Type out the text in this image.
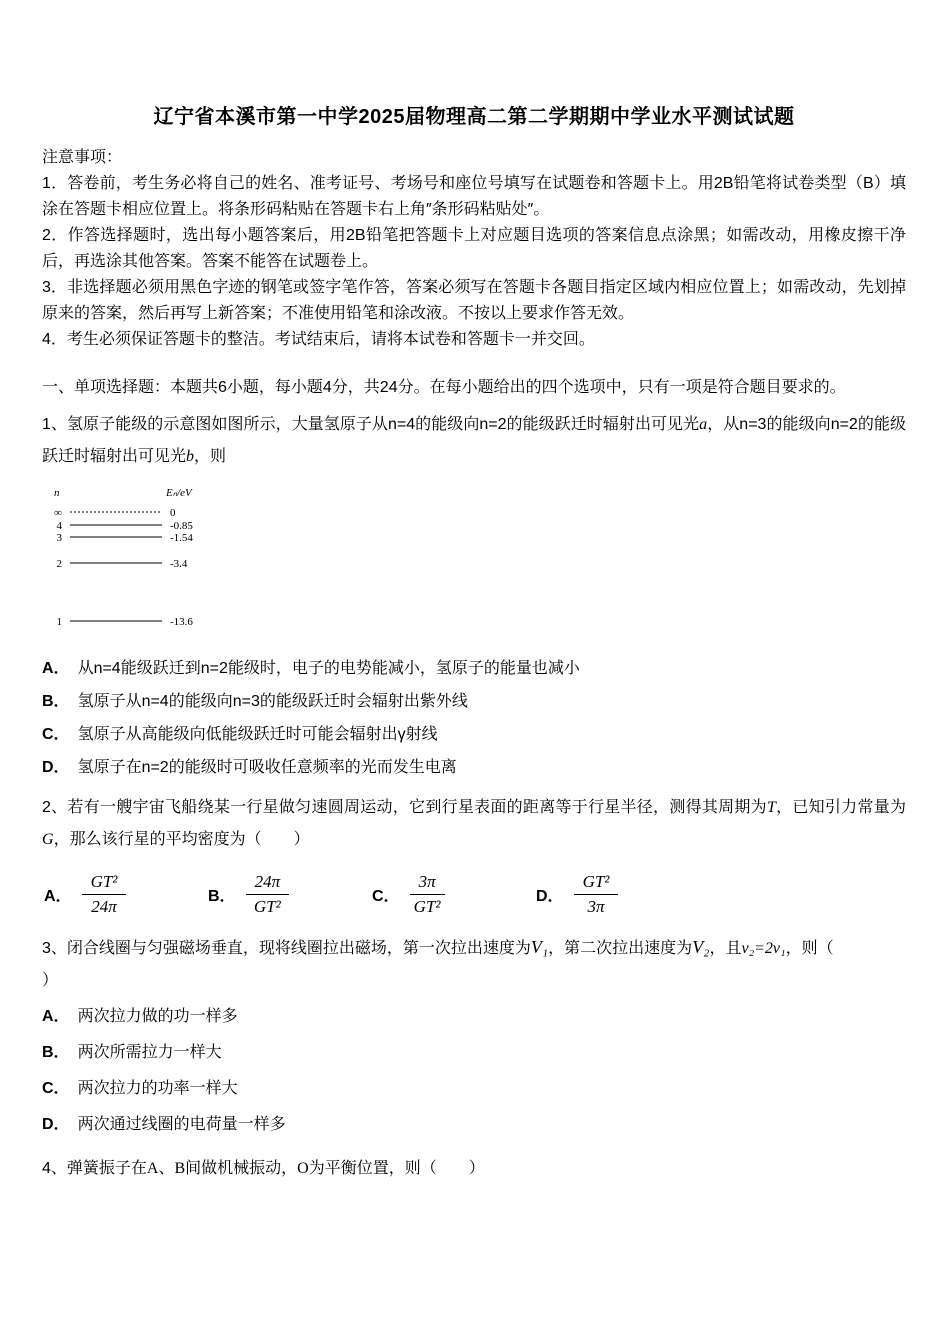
辽宁省本溪市第一中学2025届物理高二第二学期期中学业水平测试试题

注意事项：

1．答卷前，考生务必将自己的姓名、准考证号、考场号和座位号填写在试题卷和答题卡上。用2B铅笔将试卷类型（B）填涂在答题卡相应位置上。将条形码粘贴在答题卡右上角″条形码粘贴处″。

2．作答选择题时，选出每小题答案后，用2B铅笔把答题卡上对应题目选项的答案信息点涂黑；如需改动，用橡皮擦干净后，再选涂其他答案。答案不能答在试题卷上。

3．非选择题必须用黑色字迹的钢笔或签字笔作答，答案必须写在答题卡各题目指定区域内相应位置上；如需改动，先划掉原来的答案，然后再写上新答案；不准使用铅笔和涂改液。不按以上要求作答无效。

4．考生必须保证答题卡的整洁。考试结束后，请将本试卷和答题卡一并交回。

一、单项选择题：本题共6小题，每小题4分，共24分。在每小题给出的四个选项中，只有一项是符合题目要求的。

1、氢原子能级的示意图如图所示，大量氢原子从n=4的能级向n=2的能级跃迁时辐射出可见光a，从n=3的能级向n=2的能级跃迁时辐射出可见光b，则

n	Eₙ/eV
∞	0
4	-0.85
3	-1.54
2	-3.4
1	-13.6

A． 从n=4能级跃迁到n=2能级时，电子的电势能减小，氢原子的能量也减小

B． 氢原子从n=4的能级向n=3的能级跃迁时会辐射出紫外线

C． 氢原子从高能级向低能级跃迁时可能会辐射出γ射线

D． 氢原子在n=2的能级时可吸收任意频率的光而发生电离

2、若有一艘宇宙飞船绕某一行星做匀速圆周运动，它到行星表面的距离等于行星半径，测得其周期为T，已知引力常量为G，那么该行星的平均密度为（　　）

A． $\frac{\text{GT²}}{24\pi}$	B． $\frac{24\pi}{\text{GT²}}$	C． $\frac{3\pi}{\text{GT²}}$	D． $\frac{\text{GT²}}{3\pi}$

3、闭合线圈与匀强磁场垂直，现将线圈拉出磁场，第一次拉出速度为V₁，第二次拉出速度为V₂，且v₂=2v₁，则（
）

A． 两次拉力做的功一样多

B． 两次所需拉力一样大

C． 两次拉力的功率一样大

D． 两次通过线圈的电荷量一样多

4、弹簧振子在A、B间做机械振动，O为平衡位置，则（　　）
